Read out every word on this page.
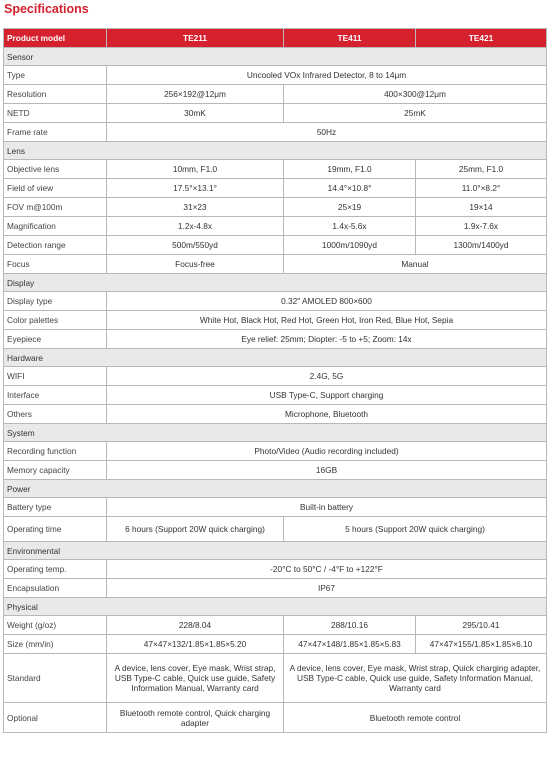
Specifications
Product model	TE211	TE411	TE421
Sensor			
Type	Uncooled VOx Infrared Detector, 8 to 14μm		
Resolution	256×192@12μm	400×300@12μm	
NETD	30mK	25mK	
Frame rate	50Hz		
Lens			
Objective lens	10mm, F1.0	19mm, F1.0	25mm, F1.0
Field of view	17.5°×13.1°	14.4°×10.8°	11.0°×8.2°
FOV m@100m	31×23	25×19	19×14
Magnification	1.2x-4.8x	1.4x-5.6x	1.9x-7.6x
Detection range	500m/550yd	1000m/1090yd	1300m/1400yd
Focus	Focus-free	Manual	
Display			
Display type	0.32" AMOLED 800×600		
Color palettes	White Hot, Black Hot, Red Hot, Green Hot, Iron Red, Blue Hot, Sepia		
Eyepiece	Eye relief: 25mm; Diopter: -5 to +5; Zoom: 14x		
Hardware			
WIFI	2.4G, 5G		
Interface	USB Type-C, Support charging		
Others	Microphone, Bluetooth		
System			
Recording function	Photo/Video (Audio recording included)		
Memory capacity	16GB		
Power			
Battery type	Built-in battery		
Operating time	6 hours (Support 20W quick charging)	5 hours (Support 20W quick charging)	
Environmental			
Operating temp.	-20°C to 50°C / -4°F to +122°F		
Encapsulation	IP67		
Physical			
Weight (g/oz)	228/8.04	288/10.16	295/10.41
Size (mm/in)	47×47×132/1.85×1.85×5.20	47×47×148/1.85×1.85×5.83	47×47×155/1.85×1.85×6.10
Standard	A device, lens cover, Eye mask, Wrist strap, USB Type-C cable, Quick use guide, Safety Information Manual, Warranty card	A device, lens cover, Eye mask, Wrist strap, Quick charging adapter, USB Type-C cable, Quick use guide, Safety Information Manual, Warranty card	
Optional	Bluetooth remote control, Quick charging adapter	Bluetooth remote control	
